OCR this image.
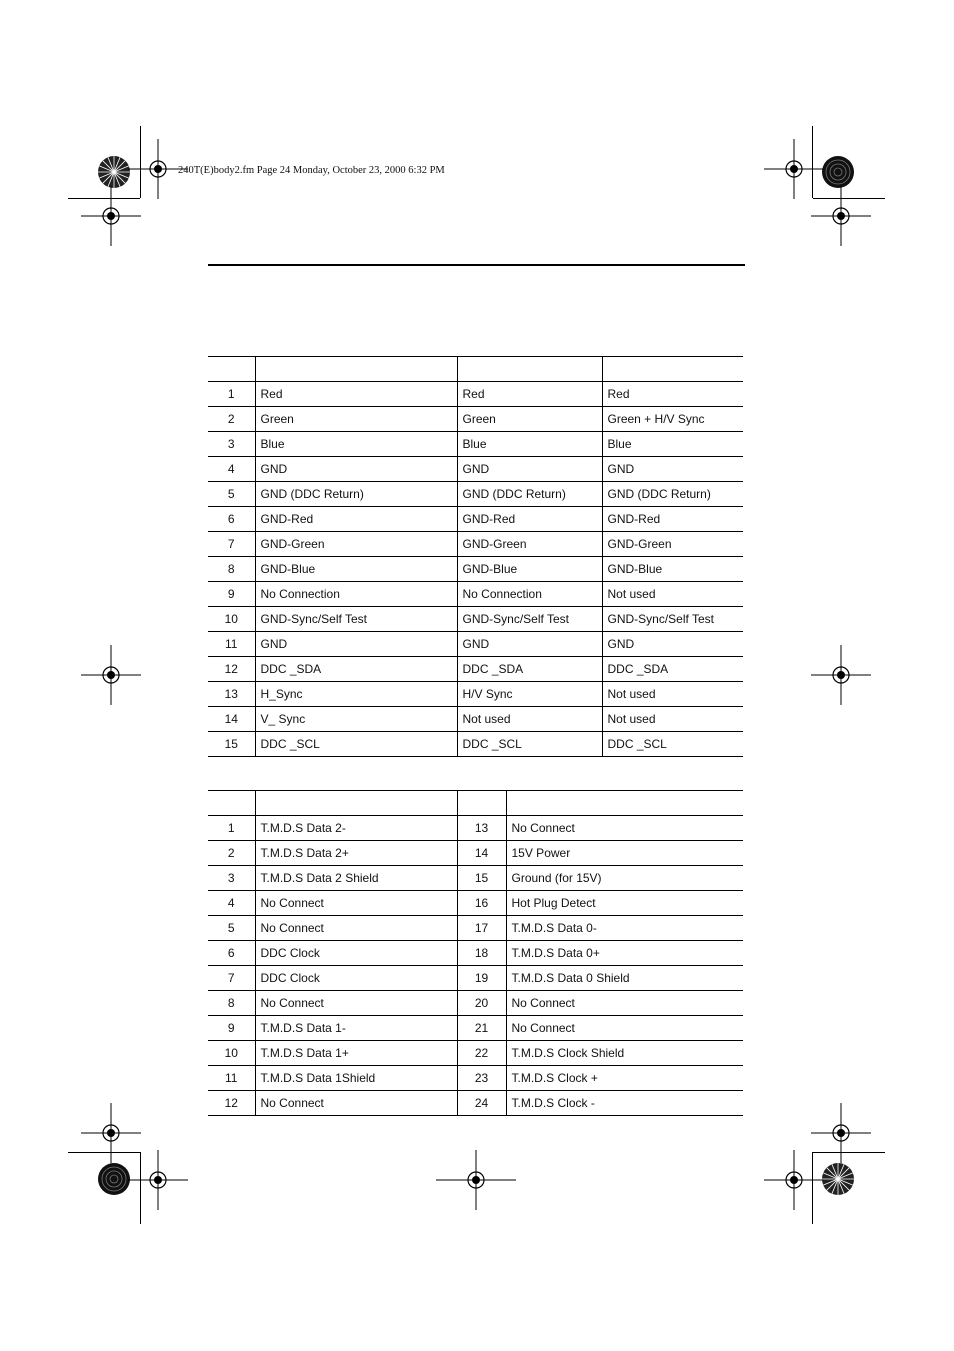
240T(E)body2.fm Page 24 Monday, October 23, 2000 6:32 PM

1	Red	Red	Red
2	Green	Green	Green + H/V Sync
3	Blue	Blue	Blue
4	GND	GND	GND
5	GND (DDC Return)	GND (DDC Return)	GND (DDC Return)
6	GND-Red	GND-Red	GND-Red
7	GND-Green	GND-Green	GND-Green
8	GND-Blue	GND-Blue	GND-Blue
9	No Connection	No Connection	Not used
10	GND-Sync/Self Test	GND-Sync/Self Test	GND-Sync/Self Test
11	GND	GND	GND
12	DDC _SDA	DDC _SDA	DDC _SDA
13	H_Sync	H/V Sync	Not used
14	V_ Sync	Not used	Not used
15	DDC _SCL	DDC _SCL	DDC _SCL

1	T.M.D.S Data 2-	13	No Connect
2	T.M.D.S Data 2+	14	15V Power
3	T.M.D.S Data 2 Shield	15	Ground (for 15V)
4	No Connect	16	Hot Plug Detect
5	No Connect	17	T.M.D.S Data 0-
6	DDC Clock	18	T.M.D.S Data 0+
7	DDC Clock	19	T.M.D.S Data 0 Shield
8	No Connect	20	No Connect
9	T.M.D.S Data 1-	21	No Connect
10	T.M.D.S Data 1+	22	T.M.D.S Clock Shield
11	T.M.D.S Data 1Shield	23	T.M.D.S Clock +
12	No Connect	24	T.M.D.S Clock -
